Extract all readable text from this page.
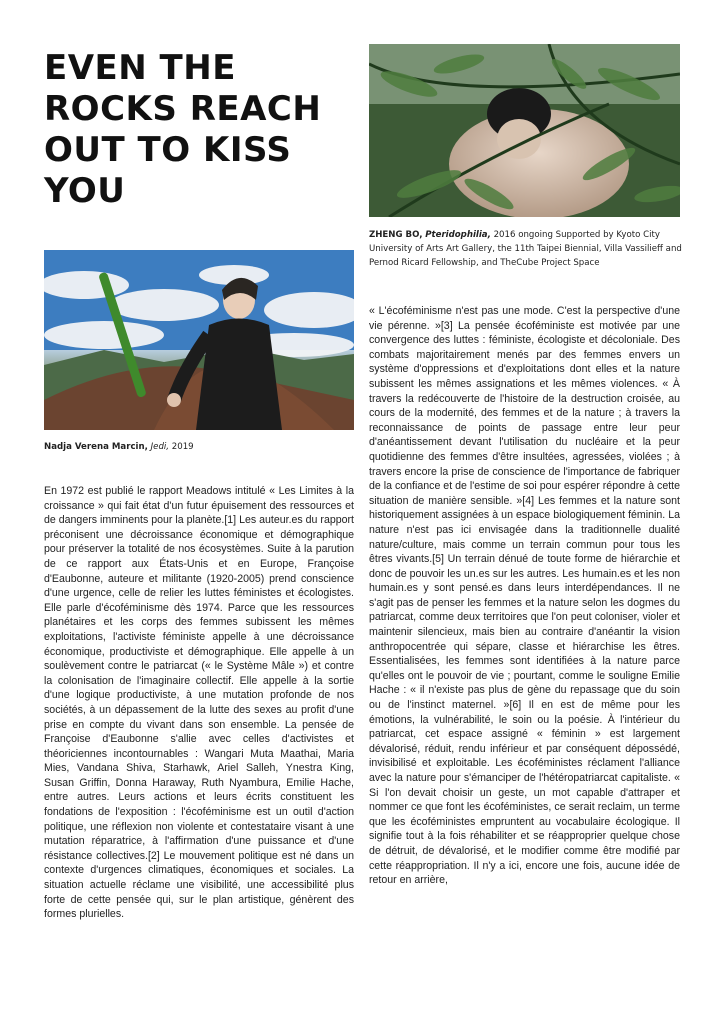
EVEN THE
ROCKS REACH
OUT TO KISS
YOU
ZHENG BO, Pteridophilia, 2016 ongoing Supported by Kyoto City University of Arts Art Gallery, the 11th Taipei Biennial, Villa Vassilieff and Pernod Ricard Fellowship, and TheCube Project Space
Nadja Verena Marcin, Jedi, 2019

En 1972 est publié le rapport Meadows intitulé « Les Limites à la croissance » qui fait état d'un futur épuisement des ressources et de dangers imminents pour la planète.[1] Les auteur.es du rapport préconisent une décroissance économique et démographique pour préserver la totalité de nos écosystèmes. Suite à la parution de ce rapport aux États-Unis et en Europe, Françoise d'Eaubonne, auteure et militante (1920-2005) prend conscience d'une urgence, celle de relier les luttes féministes et écologistes. Elle parle d'écoféminisme dès 1974. Parce que les ressources planétaires et les corps des femmes subissent les mêmes exploitations, l'activiste féministe appelle à une décroissance économique, productiviste et démographique. Elle appelle à un soulèvement contre le patriarcat (« le Système Mâle ») et contre la colonisation de l'imaginaire collectif. Elle appelle à la sortie d'une logique productiviste, à une mutation profonde de nos sociétés, à un dépassement de la lutte des sexes au profit d'une prise en compte du vivant dans son ensemble. La pensée de Françoise d'Eaubonne s'allie avec celles d'activistes et théoriciennes incontournables : Wangari Muta Maathai, Maria Mies, Vandana Shiva, Starhawk, Ariel Salleh, Ynestra King, Susan Griffin, Donna Haraway, Ruth Nyambura, Emilie Hache, entre autres. Leurs actions et leurs écrits constituent les fondations de l'exposition : l'écoféminisme est un outil d'action politique, une réflexion non violente et contestataire visant à une mutation réparatrice, à l'affirmation d'une puissance et d'une résistance collectives.[2] Le mouvement politique est né dans un contexte d'urgences climatiques, économiques et sociales. La situation actuelle réclame une visibilité, une accessibilité plus forte de cette pensée qui, sur le plan artistique, génèrent des formes plurielles.

« L'écoféminisme n'est pas une mode. C'est la perspective d'une vie pérenne. »[3] La pensée écoféministe est motivée par une convergence des luttes : féministe, écologiste et décoloniale. Des combats majoritairement menés par des femmes envers un système d'oppressions et d'exploitations dont elles et la nature subissent les mêmes assignations et les mêmes violences. « À travers la redécouverte de l'histoire de la destruction croisée, au cours de la modernité, des femmes et de la nature ; à travers la reconnaissance de points de passage entre leur peur d'anéantissement devant l'utilisation du nucléaire et la peur quotidienne des femmes d'être insultées, agressées, violées ; à travers encore la prise de conscience de l'importance de fabriquer de la confiance et de l'estime de soi pour espérer répondre à cette situation de manière sensible. »[4] Les femmes et la nature sont historiquement assignées à un espace biologiquement féminin. La nature n'est pas ici envisagée dans la traditionnelle dualité nature/culture, mais comme un terrain commun pour tous les êtres vivants.[5] Un terrain dénué de toute forme de hiérarchie et donc de pouvoir les un.es sur les autres. Les humain.es et les non humain.es y sont pensé.es dans leurs interdépendances. Il ne s'agit pas de penser les femmes et la nature selon les dogmes du patriarcat, comme deux territoires que l'on peut coloniser, violer et maintenir silencieux, mais bien au contraire d'anéantir la vision anthropocentrée qui sépare, classe et hiérarchise les êtres. Essentialisées, les femmes sont identifiées à la nature parce qu'elles ont le pouvoir de vie ; pourtant, comme le souligne Emilie Hache : « il n'existe pas plus de gène du repassage que du soin ou de l'instinct maternel. »[6] Il en est de même pour les émotions, la vulnérabilité, le soin ou la poésie. À l'intérieur du patriarcat, cet espace assigné « féminin » est largement dévalorisé, réduit, rendu inférieur et par conséquent dépossédé, invisibilisé et exploitable. Les écoféministes réclament l'alliance avec la nature pour s'émanciper de l'hétéropatriarcat capitaliste. « Si l'on devait choisir un geste, un mot capable d'attraper et nommer ce que font les écoféministes, ce serait reclaim, un terme que les écoféministes empruntent au vocabulaire écologique. Il signifie tout à la fois réhabiliter et se réapproprier quelque chose de détruit, de dévalorisé, et le modifier comme être modifié par cette réappropriation. Il n'y a ici, encore une fois, aucune idée de retour en arrière,
